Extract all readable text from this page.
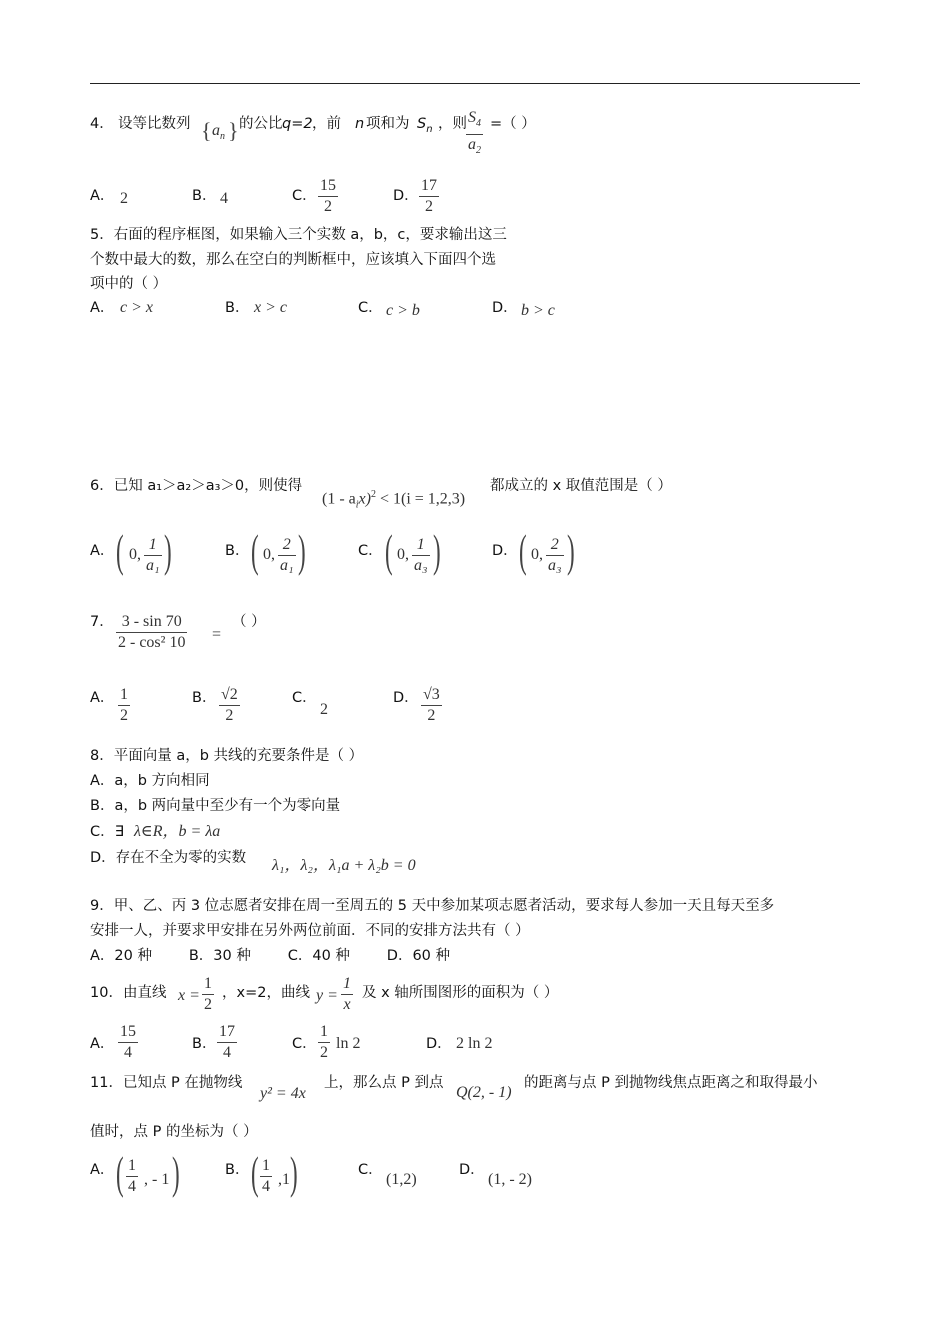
4． 设等比数列 { $a_n$ } 的公比 q=2 ，前 n 项和为 $S_n$ ，则 $\frac{S_4}{a_2}$ =（ ）
A． 2	B． 4	C． $\frac{15}{2}$	D． $\frac{17}{2}$
5．右面的程序框图，如果输入三个实数 a，b，c，要求输出这三
个数中最大的数，那么在空白的判断框中，应该填入下面四个选
项中的（ ）
A． c > x	B． x > c	C． c > b	D． b > c
6．已知 a₁＞a₂＞a₃＞0，则使得
$(1 - a_ix)^2 < 1(i = 1,2,3)$
都成立的 x 取值范围是（ ）
A． ( 0, $\frac{1}{\text{a₁}}$ )	B． ( 0, $\frac{2}{\text{a₁}}$ )	C． ( 0, $\frac{1}{\text{a₃}}$ )	D． ( 0, $\frac{2}{\text{a₃}}$ )
7． $\frac{3 - \sin 70}{\text{2 - cos² 10}}$ =
（ ）
A． $\frac{1}{2}$	B． $\frac{√2}{2}$	C．
2
D． $\frac{√3}{2}$
8．平面向量 a，b 共线的充要条件是（ ）
A．a，b 方向相同
B．a，b 两向量中至少有一个为零向量
C．∃ λ∈R，b = λa
D．存在不全为零的实数 λ₁，λ₂，λ₁a + λ₂b = 0
9．甲、乙、丙 3 位志愿者安排在周一至周五的 5 天中参加某项志愿者活动，要求每人参加一天且每天至多
安排一人，并要求甲安排在另外两位前面．不同的安排方法共有（ ）
A．20 种        B．30 种        C．40 种        D．60 种
10．由直线 $x = \frac{1}{2}$ ，x=2，曲线 $y = \frac{1}{x}$ 及 x 轴所围图形的面积为（ ）
A． $\frac{15}{4}$	B． $\frac{17}{4}$	C． $\frac{1}{2}$ ln 2	D． 2 ln 2
11．已知点 P 在抛物线
y² = 4x
上，那么点 P 到点
Q(2, - 1)
的距离与点 P 到抛物线焦点距离之和取得最小
值时，点 P 的坐标为（ ）
A． ( $\frac{1}{4}$ , - 1 )	B． ( $\frac{1}{4} ,1$ )	C．
(1,2)
D．
(1, - 2)
